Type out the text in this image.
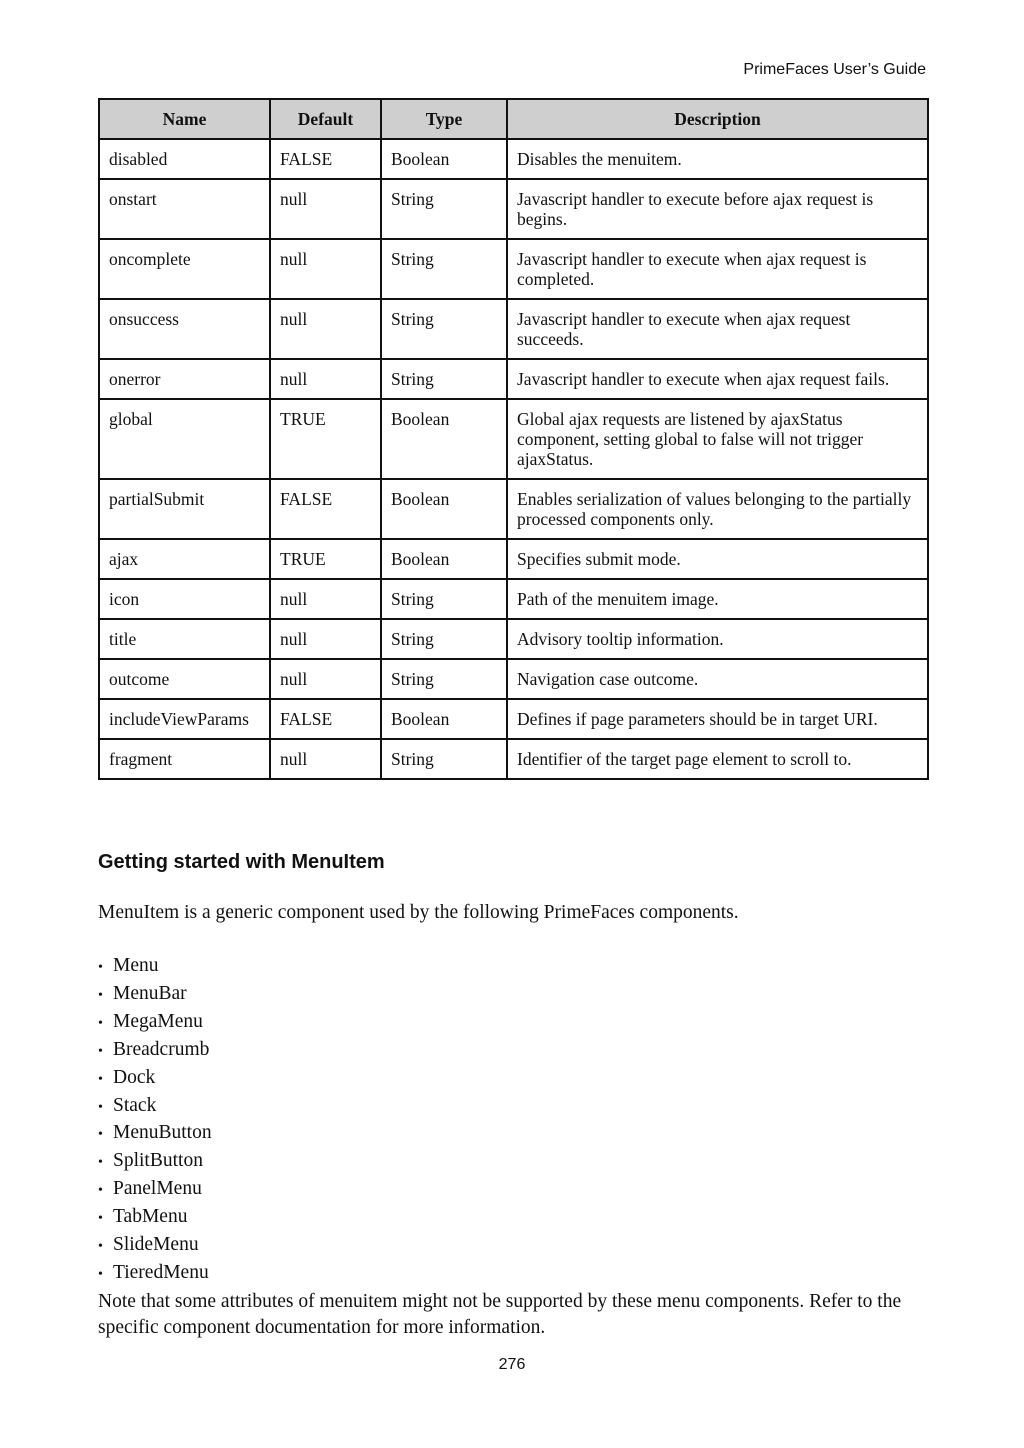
PrimeFaces User’s Guide
Name	Default	Type	Description
disabled	FALSE	Boolean	Disables the menuitem.
onstart	null	String	Javascript handler to execute before ajax request is begins.
oncomplete	null	String	Javascript handler to execute when ajax request is completed.
onsuccess	null	String	Javascript handler to execute when ajax request succeeds.
onerror	null	String	Javascript handler to execute when ajax request fails.
global	TRUE	Boolean	Global ajax requests are listened by ajaxStatus component, setting global to false will not trigger ajaxStatus.
partialSubmit	FALSE	Boolean	Enables serialization of values belonging to the partially processed components only.
ajax	TRUE	Boolean	Specifies submit mode.
icon	null	String	Path of the menuitem image.
title	null	String	Advisory tooltip information.
outcome	null	String	Navigation case outcome.
includeViewParams	FALSE	Boolean	Defines if page parameters should be in target URI.
fragment	null	String	Identifier of the target page element to scroll to.
Getting started with MenuItem

MenuItem is a generic component used by the following PrimeFaces components.

• Menu
• MenuBar
• MegaMenu
• Breadcrumb
• Dock
• Stack
• MenuButton
• SplitButton
• PanelMenu
• TabMenu
• SlideMenu
• TieredMenu

Note that some attributes of menuitem might not be supported by these menu components. Refer to the specific component documentation for more information.

276
